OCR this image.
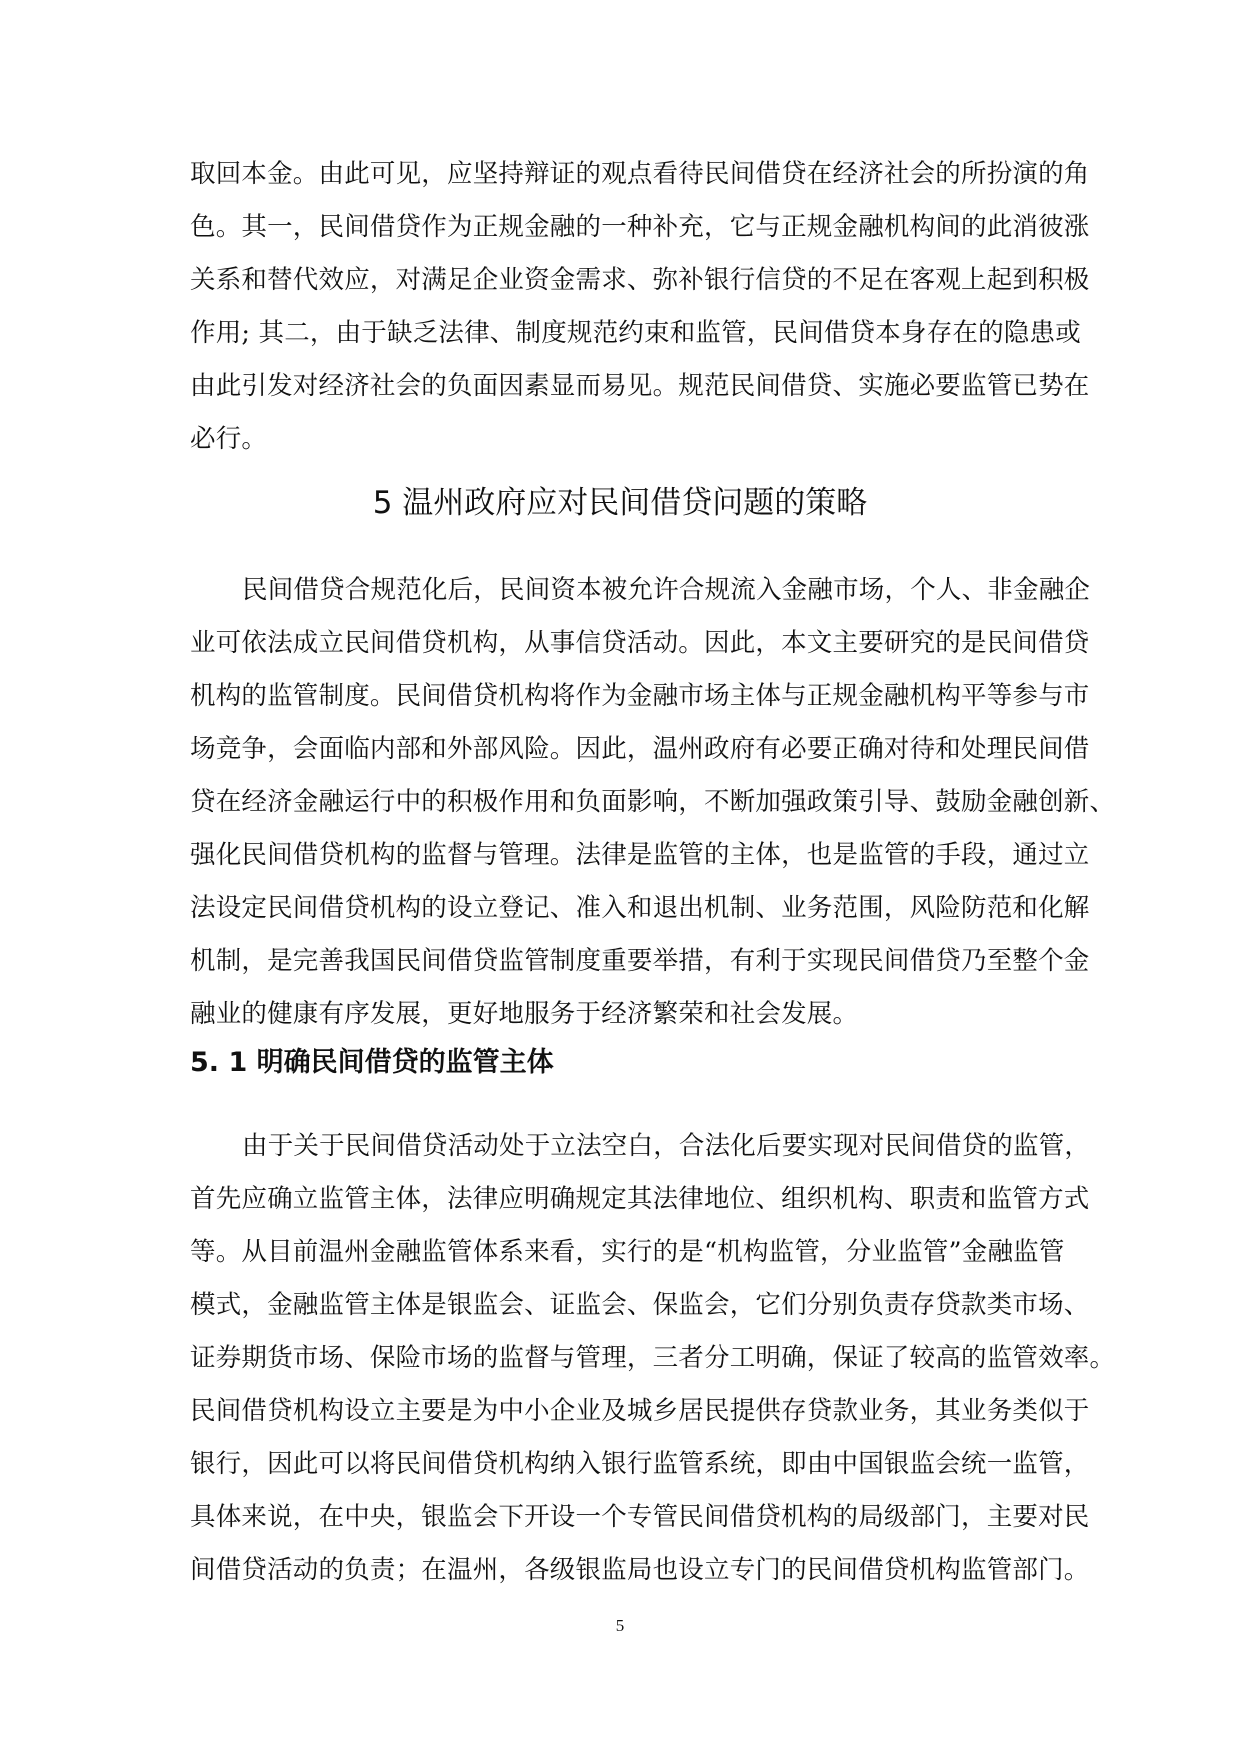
取回本金。由此可见，应坚持辩证的观点看待民间借贷在经济社会的所扮演的角
色。其一，民间借贷作为正规金融的一种补充，它与正规金融机构间的此消彼涨
关系和替代效应，对满足企业资金需求、弥补银行信贷的不足在客观上起到积极
作用; 其二，由于缺乏法律、制度规范约束和监管，民间借贷本身存在的隐患或
由此引发对经济社会的负面因素显而易见。规范民间借贷、实施必要监管已势在
必行。
5 温州政府应对民间借贷问题的策略
民间借贷合规范化后，民间资本被允许合规流入金融市场，个人、非金融企
业可依法成立民间借贷机构，从事信贷活动。因此，本文主要研究的是民间借贷
机构的监管制度。民间借贷机构将作为金融市场主体与正规金融机构平等参与市
场竞争，会面临内部和外部风险。因此，温州政府有必要正确对待和处理民间借
贷在经济金融运行中的积极作用和负面影响，不断加强政策引导、鼓励金融创新、
强化民间借贷机构的监督与管理。法律是监管的主体，也是监管的手段，通过立
法设定民间借贷机构的设立登记、准入和退出机制、业务范围，风险防范和化解
机制，是完善我国民间借贷监管制度重要举措，有利于实现民间借贷乃至整个金
融业的健康有序发展，更好地服务于经济繁荣和社会发展。
5. 1 明确民间借贷的监管主体
由于关于民间借贷活动处于立法空白，合法化后要实现对民间借贷的监管，
首先应确立监管主体，法律应明确规定其法律地位、组织机构、职责和监管方式
等。从目前温州金融监管体系来看，实行的是“机构监管，分业监管”金融监管
模式，金融监管主体是银监会、证监会、保监会，它们分别负责存贷款类市场、
证券期货市场、保险市场的监督与管理，三者分工明确，保证了较高的监管效率。
民间借贷机构设立主要是为中小企业及城乡居民提供存贷款业务，其业务类似于
银行，因此可以将民间借贷机构纳入银行监管系统，即由中国银监会统一监管，
具体来说，在中央，银监会下开设一个专管民间借贷机构的局级部门，主要对民
间借贷活动的负责；在温州，各级银监局也设立专门的民间借贷机构监管部门。
5
